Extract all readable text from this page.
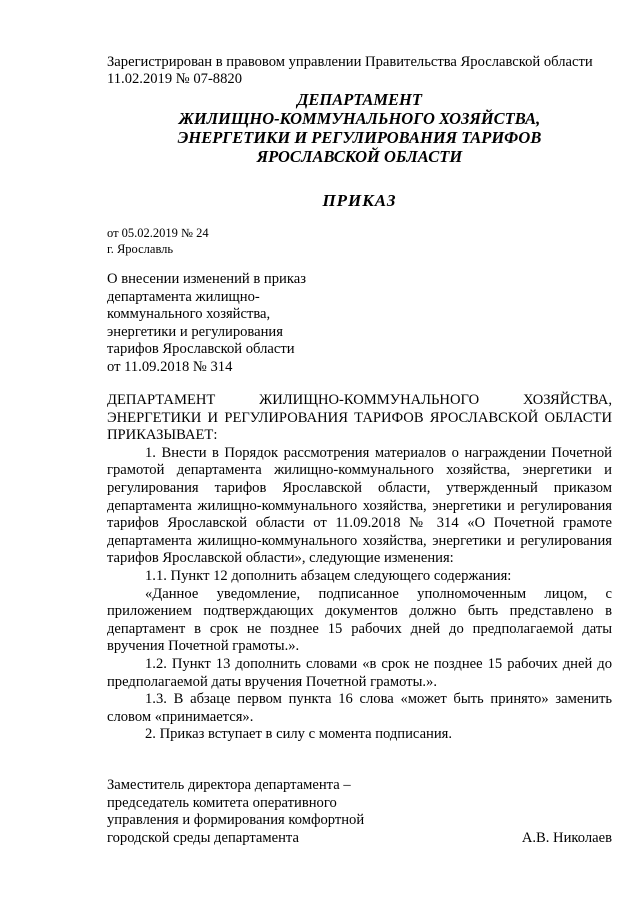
Зарегистрирован в правовом управлении Правительства Ярославской области
11.02.2019 № 07-8820
ДЕПАРТАМЕНТ
ЖИЛИЩНО-КОММУНАЛЬНОГО ХОЗЯЙСТВА,
ЭНЕРГЕТИКИ И РЕГУЛИРОВАНИЯ ТАРИФОВ
ЯРОСЛАВСКОЙ ОБЛАСТИ
ПРИКАЗ
от 05.02.2019 № 24
г. Ярославль
О внесении изменений в приказ
департамента жилищно-
коммунального хозяйства,
энергетики и регулирования
тарифов Ярославской области
от 11.09.2018 № 314

ДЕПАРТАМЕНТ ЖИЛИЩНО-КОММУНАЛЬНОГО ХОЗЯЙСТВА, ЭНЕРГЕТИКИ И РЕГУЛИРОВАНИЯ ТАРИФОВ ЯРОСЛАВСКОЙ ОБЛАСТИ ПРИКАЗЫВАЕТ:

1. Внести в Порядок рассмотрения материалов о награждении Почетной грамотой департамента жилищно-коммунального хозяйства, энергетики и регулирования тарифов Ярославской области, утвержденный приказом департамента жилищно-коммунального хозяйства, энергетики и регулирования тарифов Ярославской области от 11.09.2018 № 314 «О Почетной грамоте департамента жилищно-коммунального хозяйства, энергетики и регулирования тарифов Ярославской области», следующие изменения:

1.1. Пункт 12 дополнить абзацем следующего содержания:

«Данное уведомление, подписанное уполномоченным лицом, с приложением подтверждающих документов должно быть представлено в департамент в срок не позднее 15 рабочих дней до предполагаемой даты вручения Почетной грамоты.».

1.2. Пункт 13 дополнить словами «в срок не позднее 15 рабочих дней до предполагаемой даты вручения Почетной грамоты.».

1.3. В абзаце первом пункта 16 слова «может быть принято» заменить словом «принимается».

2. Приказ вступает в силу с момента подписания.

Заместитель директора департамента –
председатель комитета оперативного
управления и формирования комфортной
городской среды департамента	А.В. Николаев
